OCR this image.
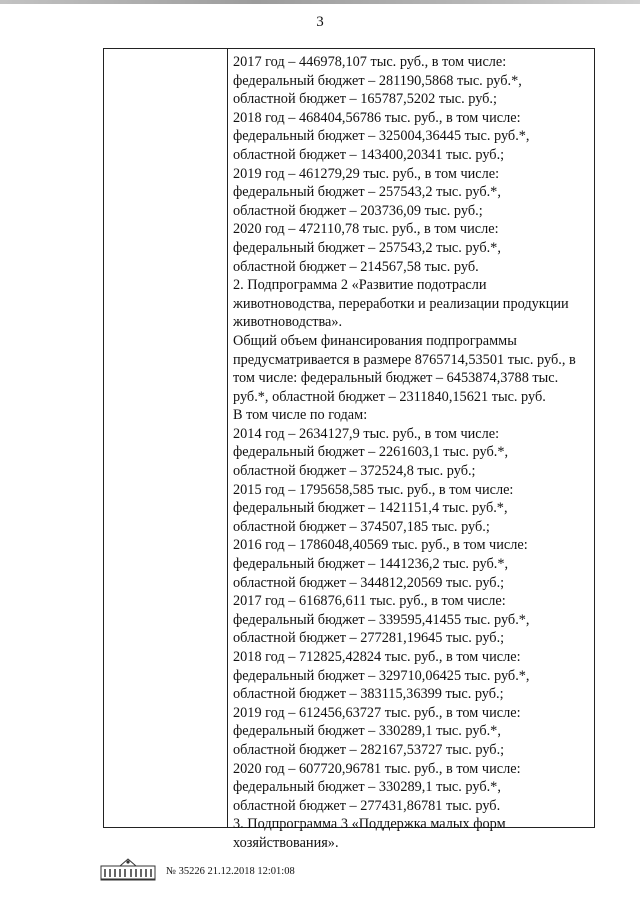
3
2017 год – 446978,107 тыс. руб., в том числе:
федеральный бюджет – 281190,5868 тыс. руб.*,
областной бюджет – 165787,5202 тыс. руб.;
2018 год – 468404,56786 тыс. руб., в том числе:
федеральный бюджет – 325004,36445 тыс. руб.*,
областной бюджет – 143400,20341 тыс. руб.;
2019 год – 461279,29 тыс. руб., в том числе:
федеральный бюджет – 257543,2 тыс. руб.*,
областной бюджет – 203736,09 тыс. руб.;
2020 год – 472110,78 тыс. руб., в том числе:
федеральный бюджет – 257543,2 тыс. руб.*,
областной бюджет – 214567,58 тыс. руб.
2. Подпрограмма 2 «Развитие подотрасли
животноводства, переработки и реализации продукции
животноводства».
Общий объем финансирования подпрограммы
предусматривается в размере 8765714,53501 тыс. руб., в
том числе: федеральный бюджет – 6453874,3788 тыс.
руб.*, областной бюджет – 2311840,15621 тыс. руб.
В том числе по годам:
2014 год – 2634127,9 тыс. руб., в том числе:
федеральный бюджет – 2261603,1 тыс. руб.*,
областной бюджет – 372524,8 тыс. руб.;
2015 год – 1795658,585 тыс. руб., в том числе:
федеральный бюджет – 1421151,4 тыс. руб.*,
областной бюджет – 374507,185 тыс. руб.;
2016 год – 1786048,40569 тыс. руб., в том числе:
федеральный бюджет – 1441236,2 тыс. руб.*,
областной бюджет – 344812,20569 тыс. руб.;
2017 год – 616876,611 тыс. руб., в том числе:
федеральный бюджет – 339595,41455 тыс. руб.*,
областной бюджет – 277281,19645 тыс. руб.;
2018 год – 712825,42824 тыс. руб., в том числе:
федеральный бюджет – 329710,06425 тыс. руб.*,
областной бюджет – 383115,36399 тыс. руб.;
2019 год – 612456,63727 тыс. руб., в том числе:
федеральный бюджет – 330289,1 тыс. руб.*,
областной бюджет – 282167,53727 тыс. руб.;
2020 год – 607720,96781 тыс. руб., в том числе:
федеральный бюджет – 330289,1 тыс. руб.*,
областной бюджет – 277431,86781 тыс. руб.
3. Подпрограмма 3 «Поддержка малых форм
хозяйствования».
№ 35226 21.12.2018 12:01:08
